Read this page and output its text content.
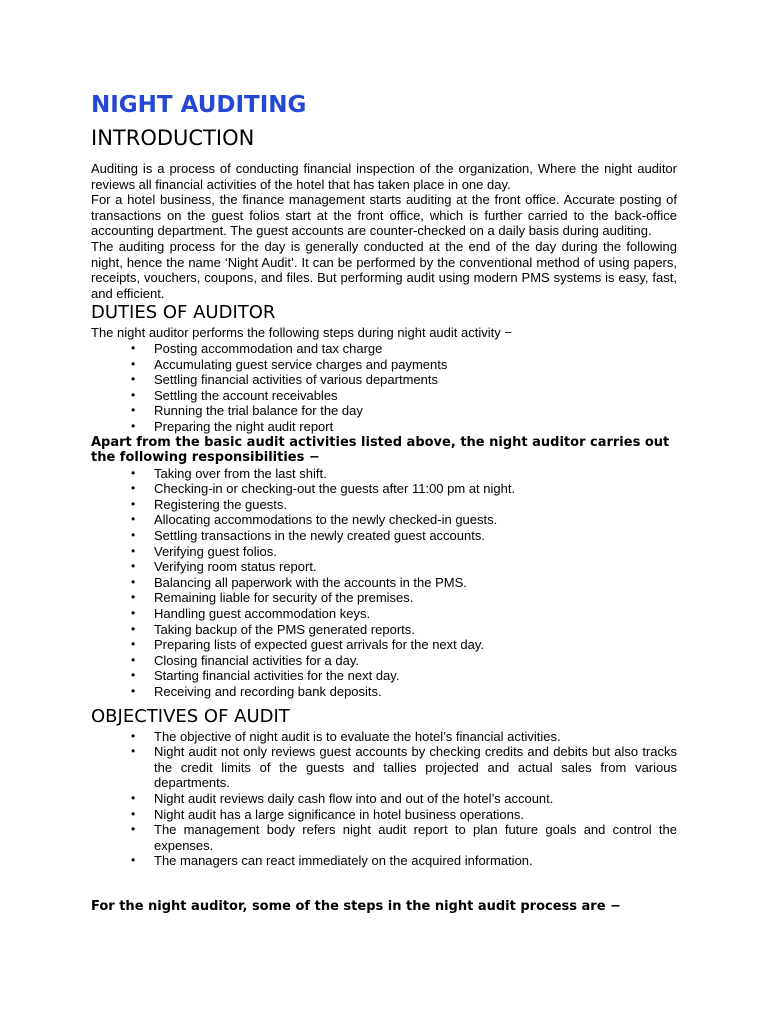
NIGHT AUDITING
INTRODUCTION

Auditing is a process of conducting financial inspection of the organization, Where the night auditor reviews all financial activities of the hotel that has taken place in one day.

For a hotel business, the finance management starts auditing at the front office. Accurate posting of transactions on the guest folios start at the front office, which is further carried to the back-office accounting department. The guest accounts are counter-checked on a daily basis during auditing.

The auditing process for the day is generally conducted at the end of the day during the following night, hence the name ‘Night Audit’. It can be performed by the conventional method of using papers, receipts, vouchers, coupons, and files. But performing audit using modern PMS systems is easy, fast, and efficient.

DUTIES OF AUDITOR

The night auditor performs the following steps during night audit activity −

• Posting accommodation and tax charge
• Accumulating guest service charges and payments
• Settling financial activities of various departments
• Settling the account receivables
• Running the trial balance for the day
• Preparing the night audit report

Apart from the basic audit activities listed above, the night auditor carries out the following responsibilities −

• Taking over from the last shift.
• Checking-in or checking-out the guests after 11:00 pm at night.
• Registering the guests.
• Allocating accommodations to the newly checked-in guests.
• Settling transactions in the newly created guest accounts.
• Verifying guest folios.
• Verifying room status report.
• Balancing all paperwork with the accounts in the PMS.
• Remaining liable for security of the premises.
• Handling guest accommodation keys.
• Taking backup of the PMS generated reports.
• Preparing lists of expected guest arrivals for the next day.
• Closing financial activities for a day.
• Starting financial activities for the next day.
• Receiving and recording bank deposits.
OBJECTIVES OF AUDIT
• The objective of night audit is to evaluate the hotel’s financial activities.
• Night audit not only reviews guest accounts by checking credits and debits but also tracks the credit limits of the guests and tallies projected and actual sales from various departments.
• Night audit reviews daily cash flow into and out of the hotel’s account.
• Night audit has a large significance in hotel business operations.
• The management body refers night audit report to plan future goals and control the expenses.
• The managers can react immediately on the acquired information.

For the night auditor, some of the steps in the night audit process are −
